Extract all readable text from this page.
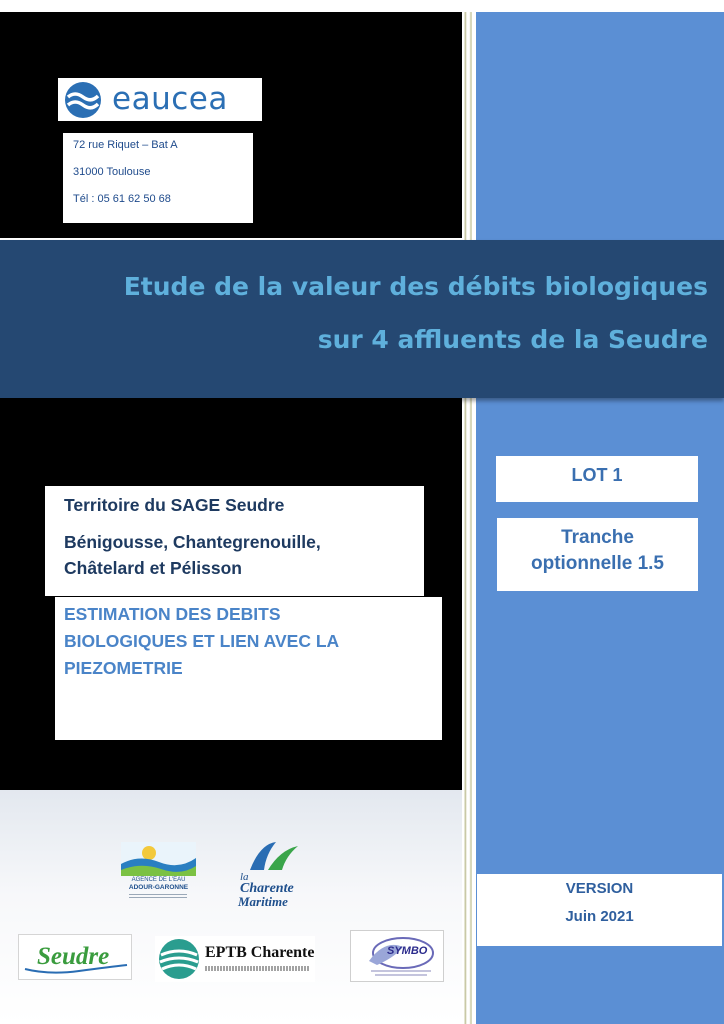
eaucea
72 rue Riquet – Bat A
31000 Toulouse
Tél : 05 61 62 50 68
Etude de la valeur des débits biologiques
sur 4 affluents de la Seudre
Territoire du SAGE Seudre
Bénigousse, Chantegrenouille,
Châtelard et Pélisson
ESTIMATION DES DEBITS
BIOLOGIQUES ET LIEN AVEC LA
PIEZOMETRIE
LOT 1
Tranche
optionnelle 1.5
VERSION
Juin 2021
AGENCE DE L'EAU
ADOUR-GARONNE
la
Charente
Maritime
Seudre	EPTB Charente	SYMBO
